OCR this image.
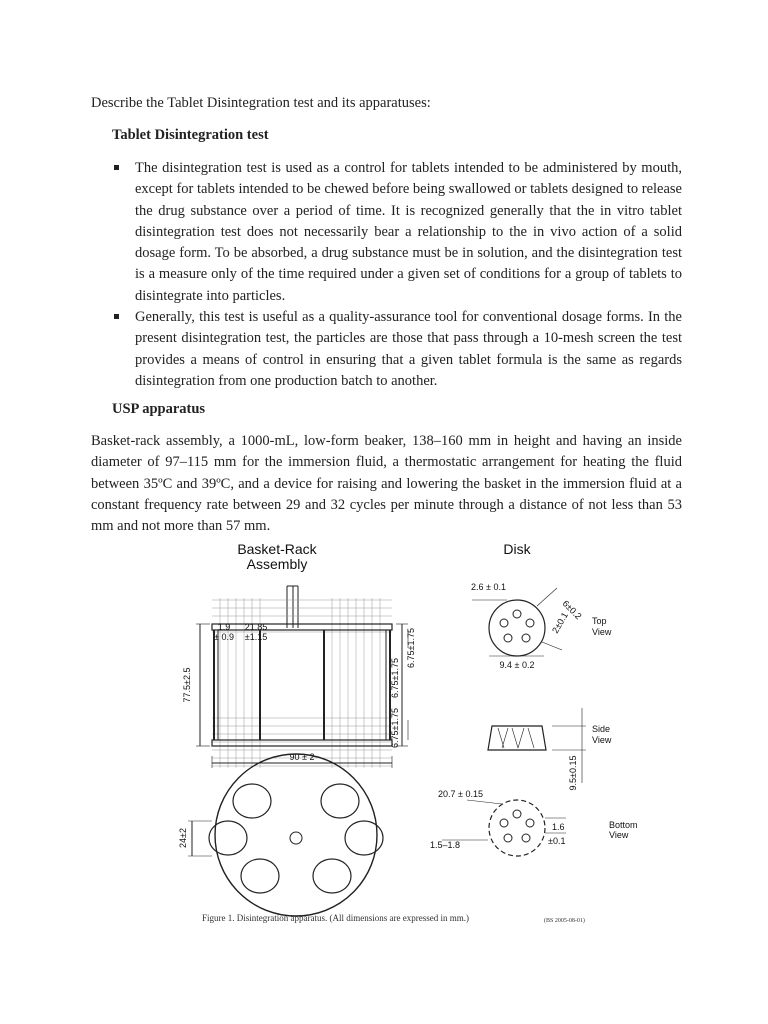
Describe the Tablet Disintegration test and its apparatuses:
Tablet Disintegration test
The disintegration test is used as a control for tablets intended to be administered by mouth, except for tablets intended to be chewed before being swallowed or tablets designed to release the drug substance over a period of time. It is recognized generally that the in vitro tablet disintegration test does not necessarily bear a relationship to the in vivo action of a solid dosage form. To be absorbed, a drug substance must be in solution, and the disintegration test is a measure only of the time required under a given set of conditions for a group of tablets to disintegrate into particles.
Generally, this test is useful as a quality-assurance tool for conventional dosage forms. In the present disintegration test, the particles are those that pass through a 10-mesh screen the test provides a means of control in ensuring that a given tablet formula is the same as regards disintegration from one production batch to another.
USP apparatus

Basket-rack assembly, a 1000-mL, low-form beaker, 138–160 mm in height and having an inside diameter of 97–115 mm for the immersion fluid, a thermostatic arrangement for heating the fluid between 35ºC and 39ºC, and a device for raising and lowering the basket in the immersion fluid at a constant frequency rate between 29 and 32 cycles per minute through a distance of not less than 53 mm and not more than 57 mm.

Basket-Rack
Assembly
Disk
1.9
± 0.9
21.85
±1.15
77.5±2.5
6.75±1.75
6.75±1.75
6.75±1.75
90 ± 2
24±2
2.6 ± 0.1
6±0.2
2±0.1
9.4 ± 0.2
Top
View
9.5±0.15
Side
View
20.7 ± 0.15
1.6
±0.1
1.5–1.8
Bottom
View
Figure 1. Disintegration apparatus. (All dimensions are expressed in mm.)	(BS 2005-08-01)
